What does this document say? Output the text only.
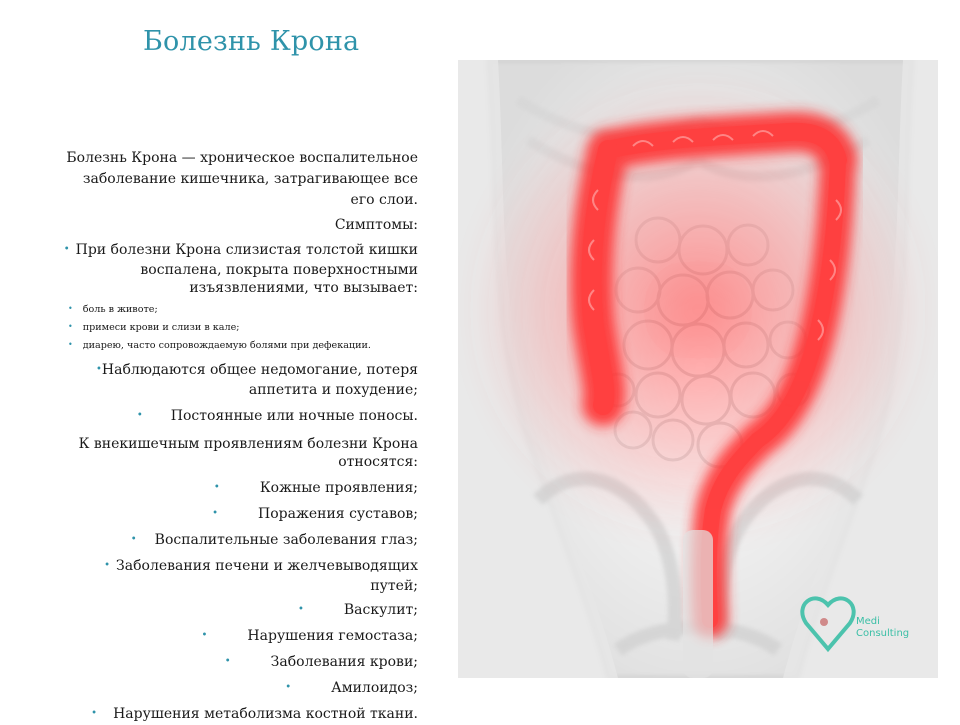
Болезнь Крона

Болезнь Крона — хроническое воспалительное заболевание кишечника, затрагивающее все его слои.

Симптомы:

• При болезни Крона слизистая толстой кишки воспалена, покрыта поверхностными изъязвлениями, что вызывает:

• боль в животе;

• примеси крови и слизи в кале;

• диарею, часто сопровождаемую болями при дефекации.

•Наблюдаются общее недомогание, потеря аппетита и похудение;

• Постоянные или ночные поносы.

К внекишечным проявлениям болезни Крона относятся:

•	Кожные проявления;

•	Поражения суставов;

• Воспалительные заболевания глаз;

• Заболевания печени и желчевыводящих путей;

•	Васкулит;

•	Нарушения гемостаза;

•	Заболевания крови;

•	Амилоидоз;

• Нарушения метаболизма костной ткани.

Medi
Consulting
